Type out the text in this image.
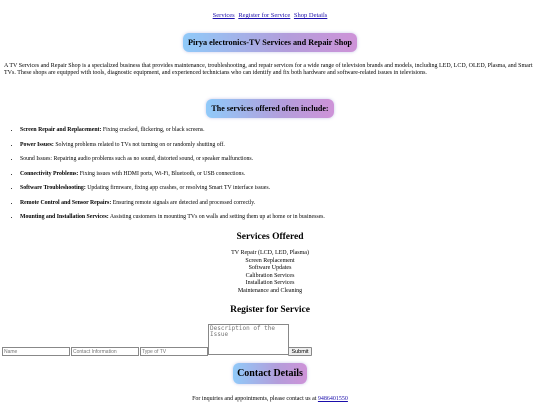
Services Register for Service Shop Details
Pirya electronics-TV Services and Repair Shop
A TV Services and Repair Shop is a specialized business that provides maintenance, troubleshooting, and repair services for a wide range of television brands and models, including LED, LCD, OLED, Plasma, and Smart TVs. These shops are equipped with tools, diagnostic equipment, and experienced technicians who can identify and fix both hardware and software-related issues in televisions.
The services offered often include:
• Screen Repair and Replacement: Fixing cracked, flickering, or black screens.
• Power Issues: Solving problems related to TVs not turning on or randomly shutting off.
• Sound Issues: Repairing audio problems such as no sound, distorted sound, or speaker malfunctions.
• Connectivity Problems: Fixing issues with HDMI ports, Wi-Fi, Bluetooth, or USB connections.
• Software Troubleshooting: Updating firmware, fixing app crashes, or resolving Smart TV interface issues.
• Remote Control and Sensor Repairs: Ensuring remote signals are detected and processed correctly.
• Mounting and Installation Services: Assisting customers in mounting TVs on walls and setting them up at home or in businesses.
Services Offered
TV Repair (LCD, LED, Plasma)
Screen Replacement
Software Updates
Calibration Services
Installation Services
Maintenance and Cleaning
Register for Service
Name
Contact Information
Type of TV
Description of the Issue
Submit
Contact Details
For inquiries and appointments, please contact us at 9486401550
